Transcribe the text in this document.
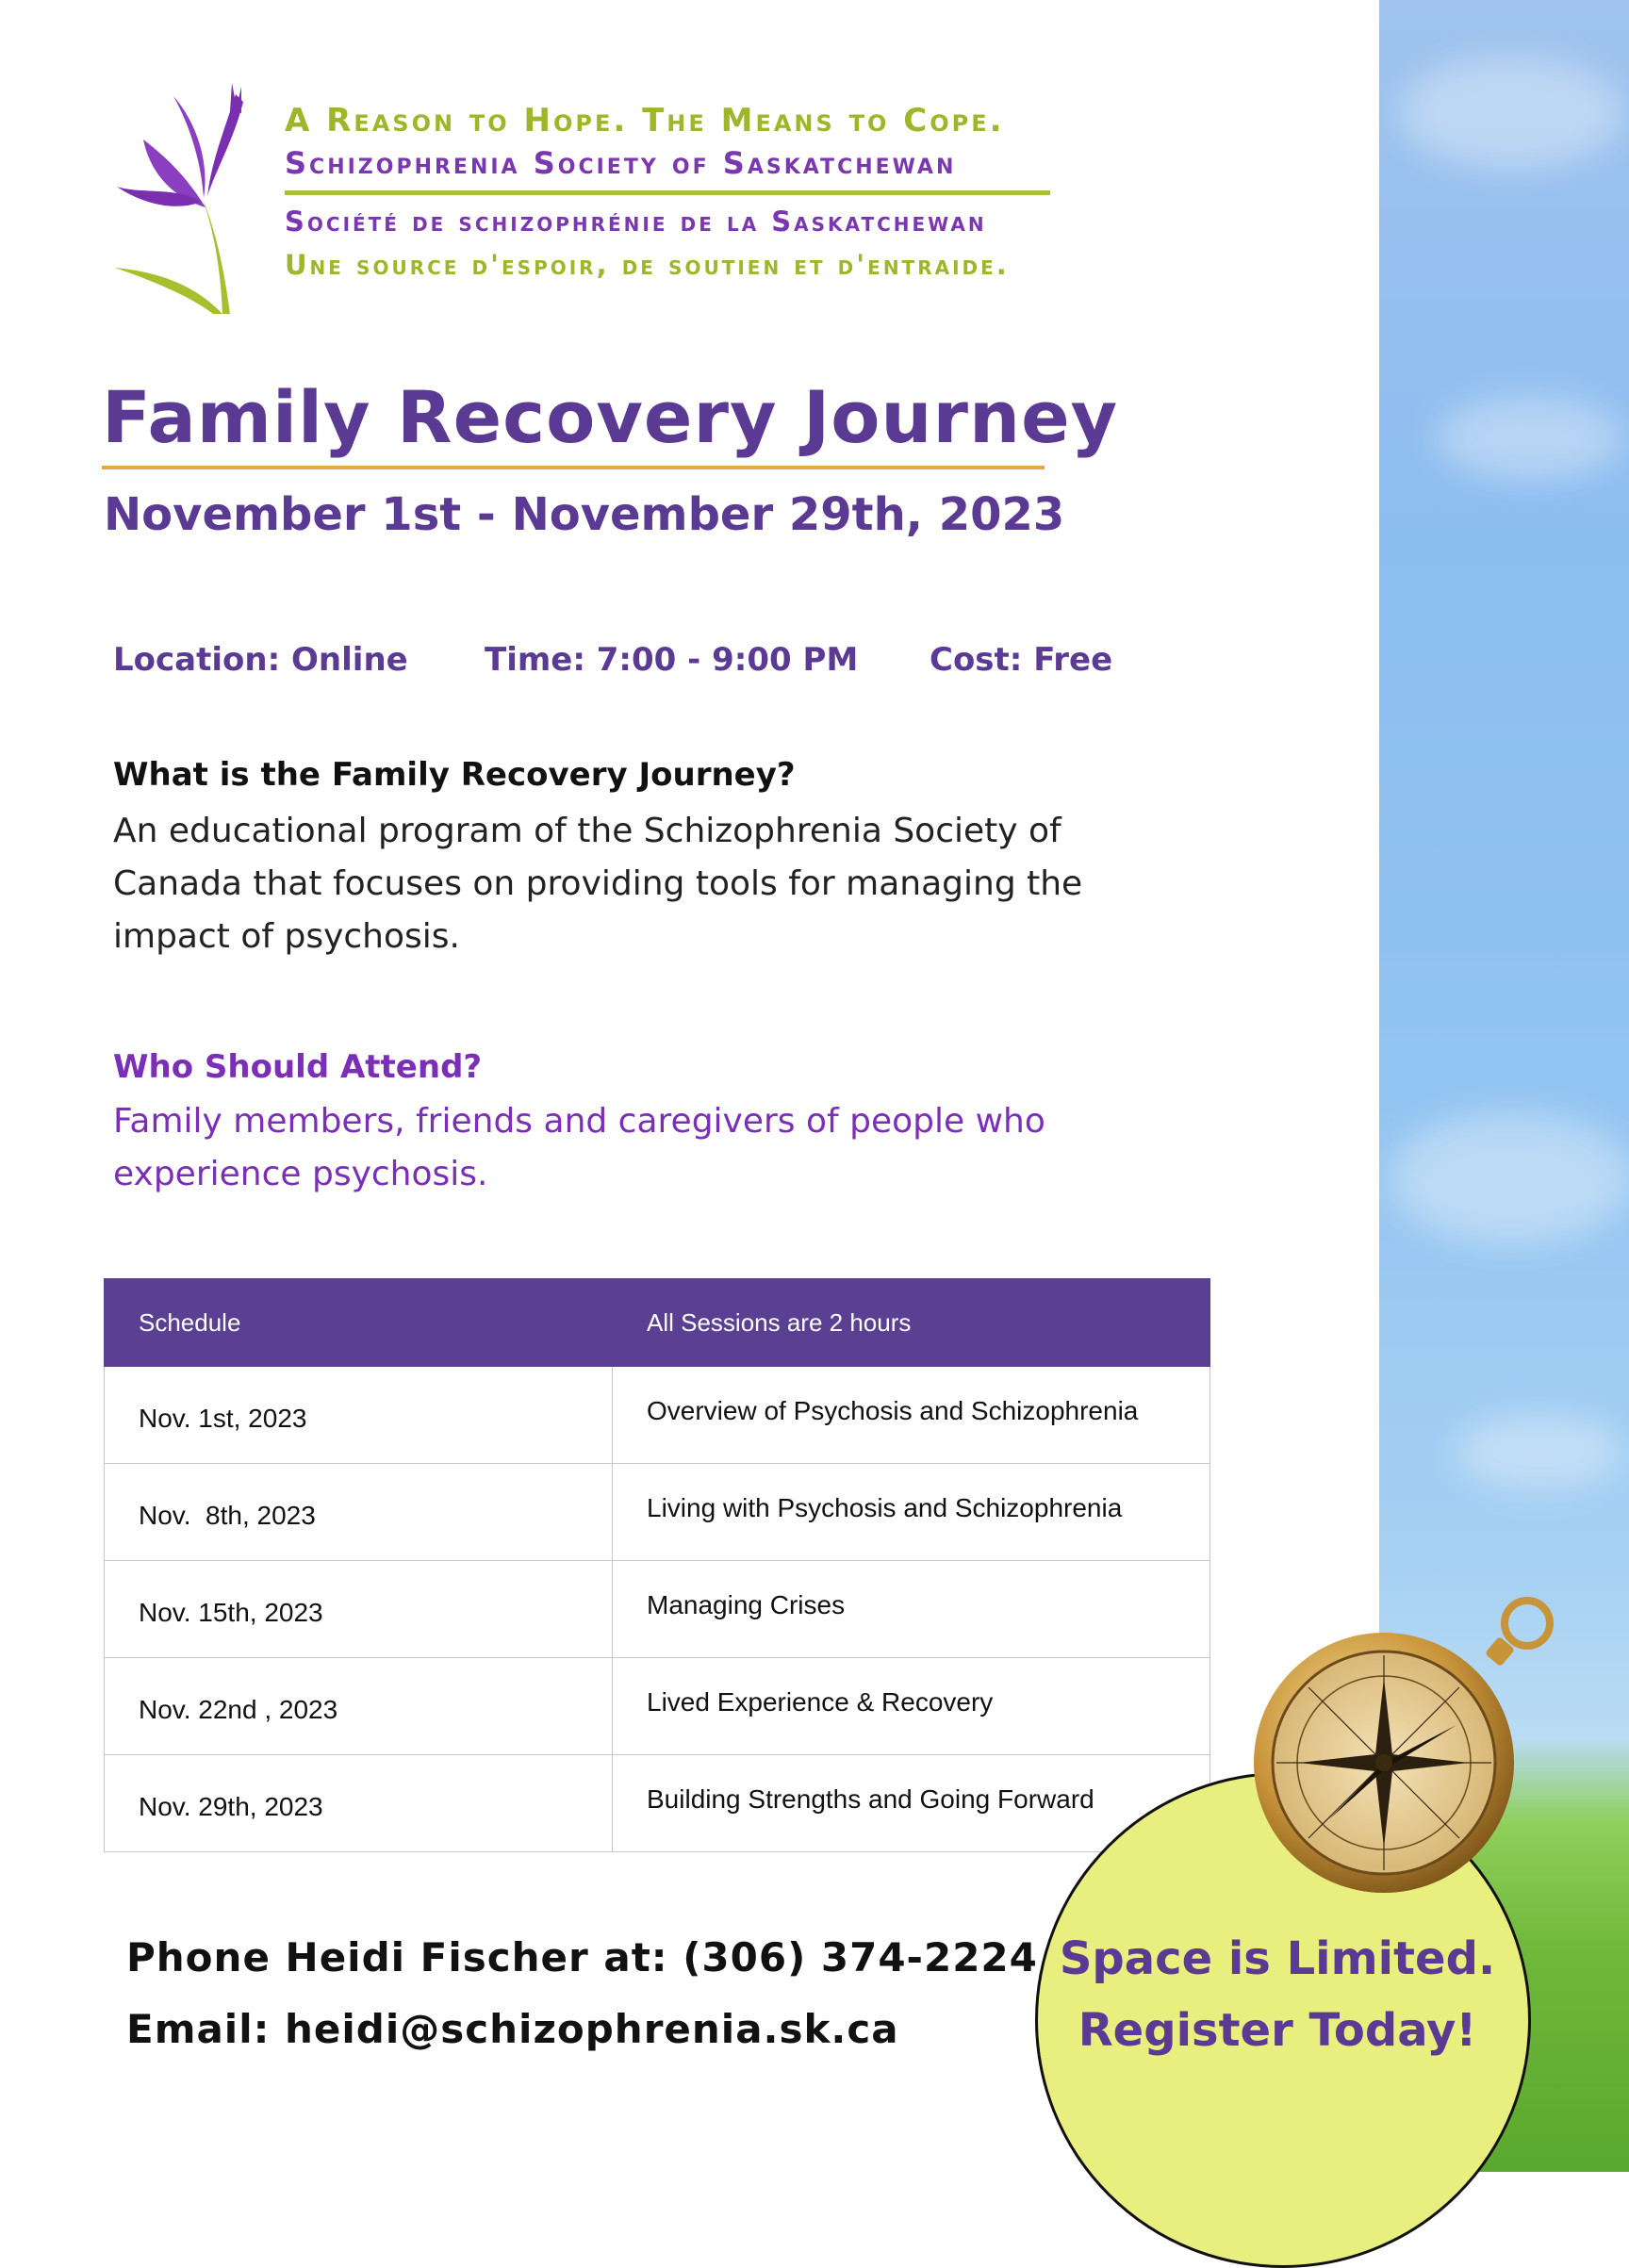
A Reason to Hope. The Means to Cope.
Schizophrenia Society of Saskatchewan
Société de schizophrénie de la Saskatchewan
Une source d'espoir, de soutien et d'entraide.
Family Recovery Journey
November 1st - November 29th, 2023
Location: Online Time: 7:00 - 9:00 PM Cost: Free
What is the Family Recovery Journey?
An educational program of the Schizophrenia Society of
Canada that focuses on providing tools for managing the
impact of psychosis.
Who Should Attend?
Family members, friends and caregivers of people who
experience psychosis.
Schedule	All Sessions are 2 hours
Nov. 1st, 2023	Overview of Psychosis and Schizophrenia
Nov.  8th, 2023	Living with Psychosis and Schizophrenia
Nov. 15th, 2023	Managing Crises
Nov. 22nd , 2023	Lived Experience & Recovery
Nov. 29th, 2023	Building Strengths and Going Forward
Phone Heidi Fischer at: (306) 374-2224
Email: heidi@schizophrenia.sk.ca
Space is Limited.
Register Today!
